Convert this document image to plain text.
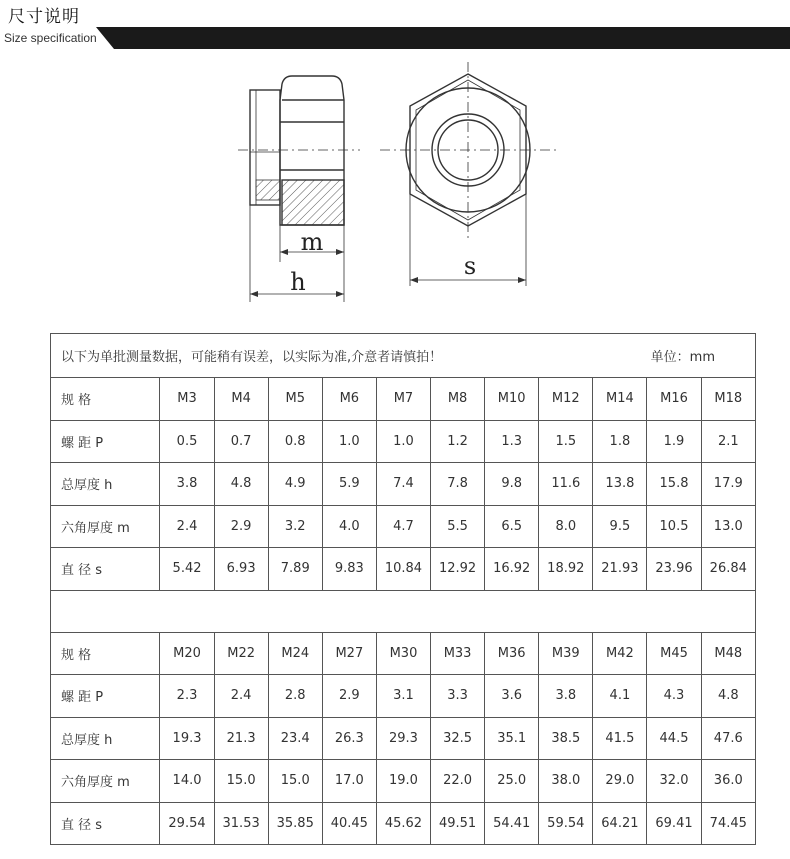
尺寸说明
Size specification
m
h
s
以下为单批测量数据，可能稍有误差，以实际为准,介意者请慎拍！ 单位：mm											

规 格	M3	M4	M5	M6	M7	M8	M10	M12	M14	M16	M18
螺 距 P	0.5	0.7	0.8	1.0	1.0	1.2	1.3	1.5	1.8	1.9	2.1
总厚度 h	3.8	4.8	4.9	5.9	7.4	7.8	9.8	11.6	13.8	15.8	17.9
六角厚度 m	2.4	2.9	3.2	4.0	4.7	5.5	6.5	8.0	9.5	10.5	13.0
直 径 s	5.42	6.93	7.89	9.83	10.84	12.92	16.92	18.92	21.93	23.96	26.84

规 格	M20	M22	M24	M27	M30	M33	M36	M39	M42	M45	M48
螺 距 P	2.3	2.4	2.8	2.9	3.1	3.3	3.6	3.8	4.1	4.3	4.8
总厚度 h	19.3	21.3	23.4	26.3	29.3	32.5	35.1	38.5	41.5	44.5	47.6
六角厚度 m	14.0	15.0	15.0	17.0	19.0	22.0	25.0	38.0	29.0	32.0	36.0
直 径 s	29.54	31.53	35.85	40.45	45.62	49.51	54.41	59.54	64.21	69.41	74.45
